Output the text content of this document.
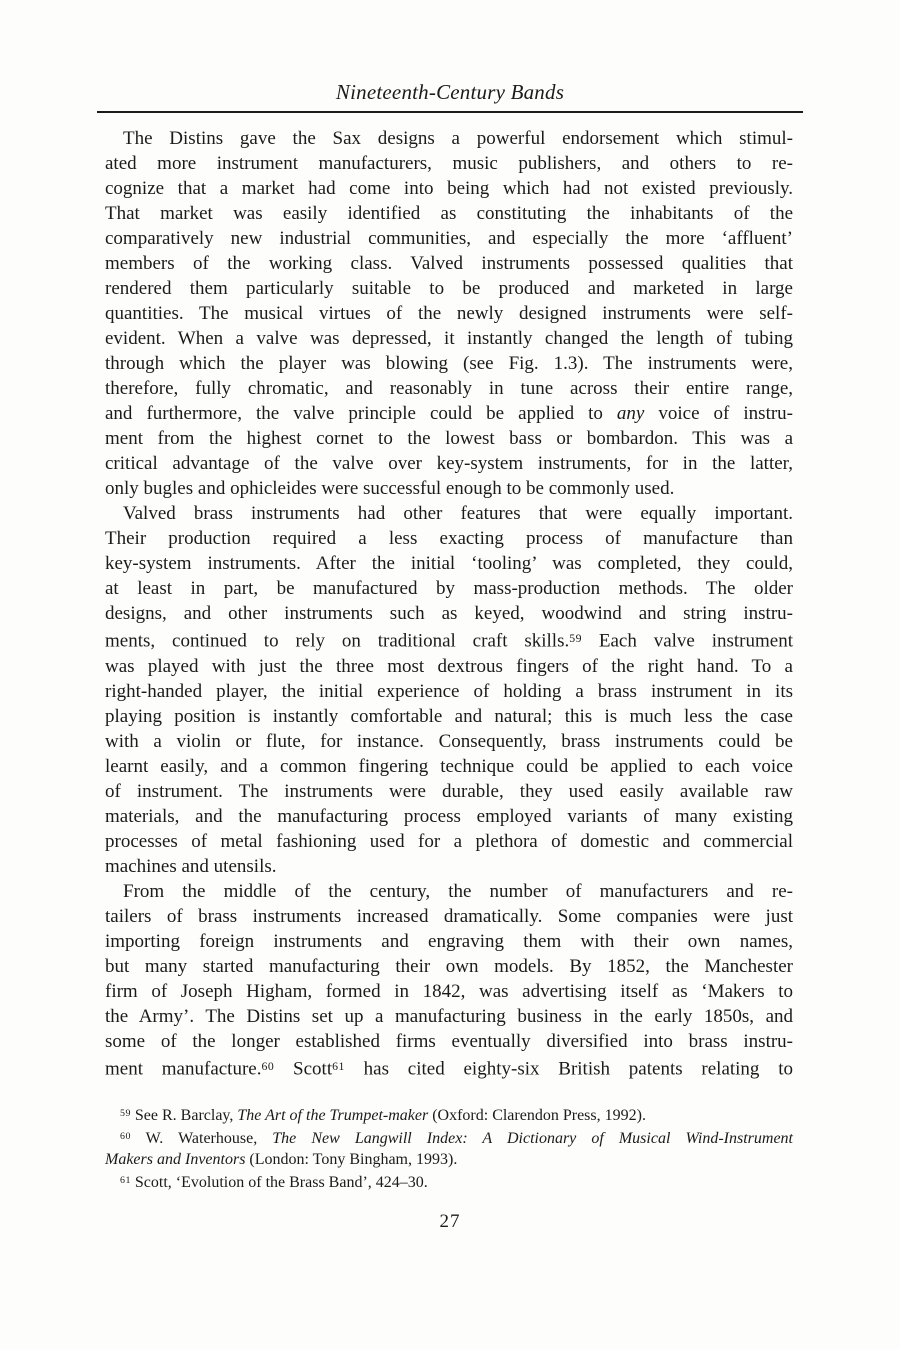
Nineteenth-Century Bands
The Distins gave the Sax designs a powerful endorsement which stimul-
ated more instrument manufacturers, music publishers, and others to re-
cognize that a market had come into being which had not existed previously.
That market was easily identified as constituting the inhabitants of the
comparatively new industrial communities, and especially the more ‘affluent’
members of the working class. Valved instruments possessed qualities that
rendered them particularly suitable to be produced and marketed in large
quantities. The musical virtues of the newly designed instruments were self-
evident. When a valve was depressed, it instantly changed the length of tubing
through which the player was blowing (see Fig. 1.3). The instruments were,
therefore, fully chromatic, and reasonably in tune across their entire range,
and furthermore, the valve principle could be applied to any voice of instru-
ment from the highest cornet to the lowest bass or bombardon. This was a
critical advantage of the valve over key-system instruments, for in the latter,
only bugles and ophicleides were successful enough to be commonly used.
Valved brass instruments had other features that were equally important.
Their production required a less exacting process of manufacture than
key-system instruments. After the initial ‘tooling’ was completed, they could,
at least in part, be manufactured by mass-production methods. The older
designs, and other instruments such as keyed, woodwind and string instru-
ments, continued to rely on traditional craft skills.$^{59}$ Each valve instrument
was played with just the three most dextrous fingers of the right hand. To a
right-handed player, the initial experience of holding a brass instrument in its
playing position is instantly comfortable and natural; this is much less the case
with a violin or flute, for instance. Consequently, brass instruments could be
learnt easily, and a common fingering technique could be applied to each voice
of instrument. The instruments were durable, they used easily available raw
materials, and the manufacturing process employed variants of many existing
processes of metal fashioning used for a plethora of domestic and commercial
machines and utensils.
From the middle of the century, the number of manufacturers and re-
tailers of brass instruments increased dramatically. Some companies were just
importing foreign instruments and engraving them with their own names,
but many started manufacturing their own models. By 1852, the Manchester
firm of Joseph Higham, formed in 1842, was advertising itself as ‘Makers to
the Army’. The Distins set up a manufacturing business in the early 1850s, and
some of the longer established firms eventually diversified into brass instru-
ment manufacture.$^{60}$ Scott$^{61}$ has cited eighty-six British patents relating to
$^{59}$ See R. Barclay, The Art of the Trumpet-maker (Oxford: Clarendon Press, 1992).
$^{60}$ W. Waterhouse, The New Langwill Index: A Dictionary of Musical Wind-Instrument
Makers and Inventors (London: Tony Bingham, 1993).
$^{61}$ Scott, ‘Evolution of the Brass Band’, 424–30.
27
